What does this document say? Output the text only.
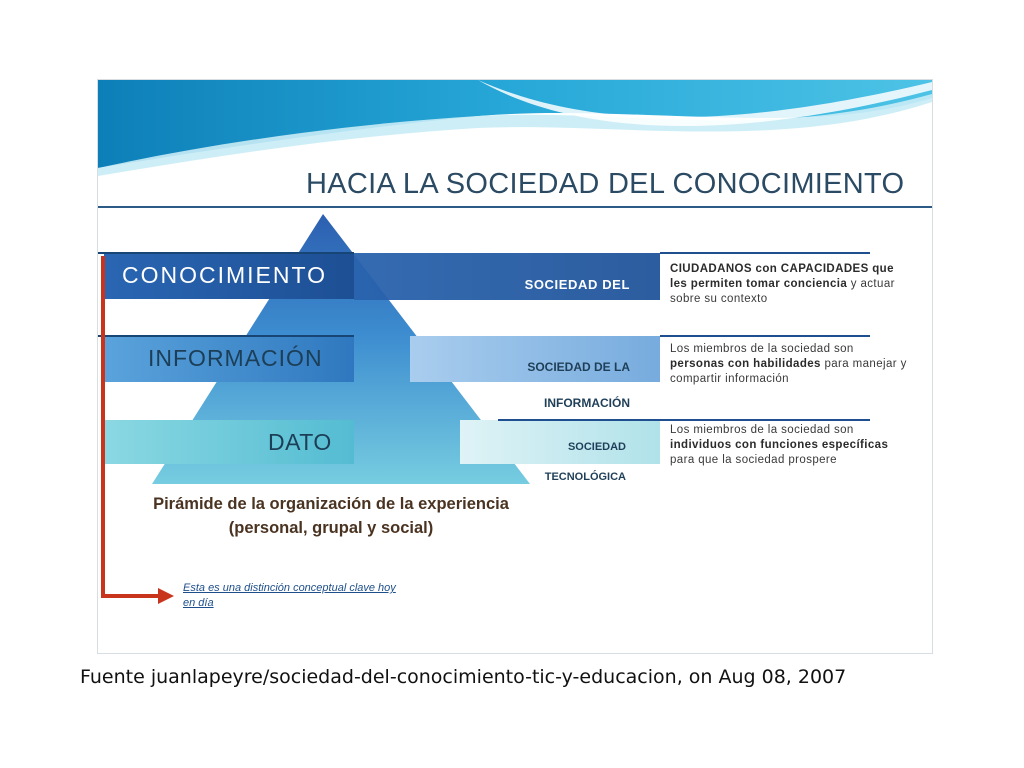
HACIA LA SOCIEDAD DEL CONOCIMIENTO
CONOCIMIENTO
INFORMACIÓN
DATO

SOCIEDAD DEL

CONOCIMIENTO

SOCIEDAD DE LA

INFORMACIÓN

SOCIEDAD

TECNOLÓGICA

CIUDADANOS con CAPACIDADES que les permiten tomar conciencia y actuar sobre su contexto
Los miembros de la sociedad son personas con habilidades para manejar y compartir información
Los miembros de la sociedad son individuos con funciones específicas para que la sociedad prospere
Pirámide de la organización de la experiencia (personal, grupal y social)
Esta es una distinción conceptual clave hoy en día
Fuente juanlapeyre/sociedad-del-conocimiento-tic-y-educacion, on Aug 08, 2007
